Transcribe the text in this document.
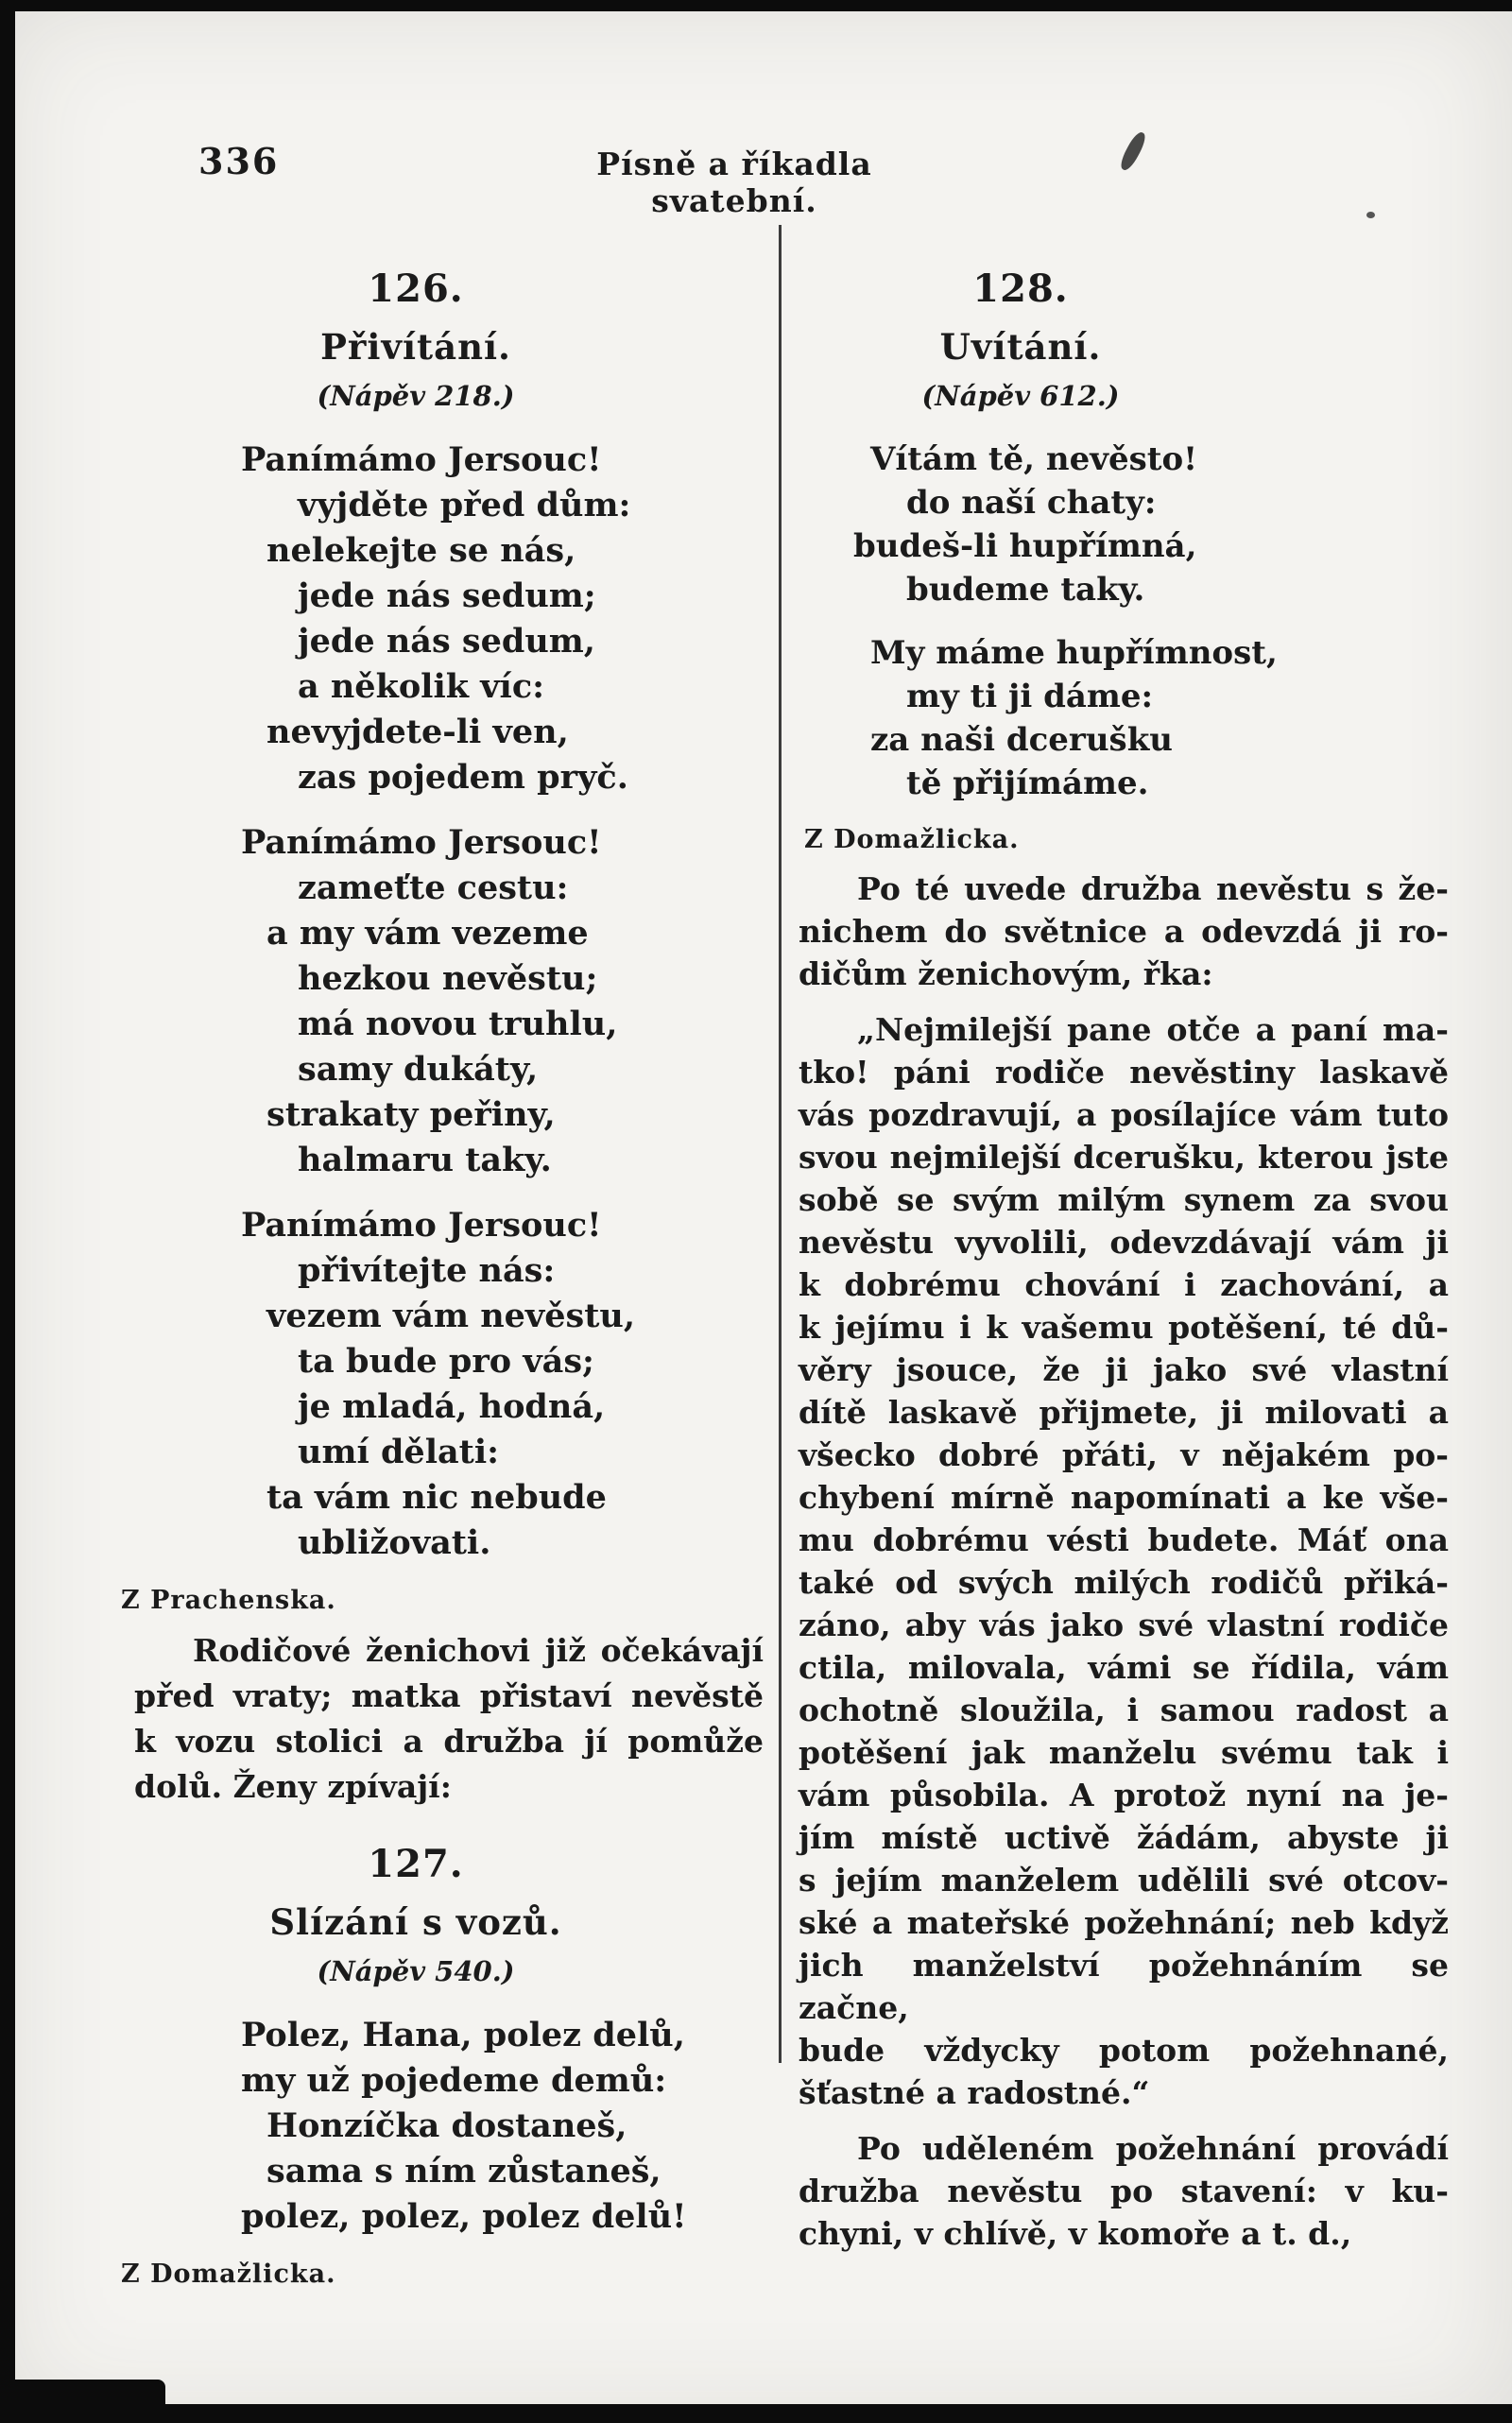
336	Písně a říkadla svatební.
126.
Přivítání.
(Nápěv 218.)
Panímámo Jersouc!
vyjděte před dům:
nelekejte se nás,
jede nás sedum;
jede nás sedum,
a několik víc:
nevyjdete-li ven,
zas pojedem pryč.
Panímámo Jersouc!
zameťte cestu:
a my vám vezeme
hezkou nevěstu;
má novou truhlu,
samy dukáty,
strakaty peřiny,
halmaru taky.
Panímámo Jersouc!
přivítejte nás:
vezem vám nevěstu,
ta bude pro vás;
je mladá, hodná,
umí dělati:
ta vám nic nebude
ubližovati.
Z Prachenska.
Rodičové ženichovi již očekávají
před vraty; matka přistaví nevěstě
k vozu stolici a družba jí pomůže
dolů. Ženy zpívají:
127.
Slízání s vozů.
(Nápěv 540.)
Polez, Hana, polez delů,
my už pojedeme demů:
Honzíčka dostaneš,
sama s ním zůstaneš,
polez, polez, polez delů!
Z Domažlicka.
128.
Uvítání.
(Nápěv 612.)
Vítám tě, nevěsto!
do naší chaty:
budeš-li hupřímná,
budeme taky.
My máme hupřímnost,
my ti ji dáme:
za naši dcerušku
tě přijímáme.
Z Domažlicka.
Po té uvede družba nevěstu s že-
nichem do světnice a odevzdá ji ro-
dičům ženichovým, řka:
„Nejmilejší pane otče a paní ma-
tko! páni rodiče nevěstiny laskavě
vás pozdravují, a posílajíce vám tuto
svou nejmilejší dcerušku, kterou jste
sobě se svým milým synem za svou
nevěstu vyvolili, odevzdávají vám ji
k dobrému chování i zachování, a
k jejímu i k vašemu potěšení, té dů-
věry jsouce, že ji jako své vlastní
dítě laskavě přijmete, ji milovati a
všecko dobré přáti, v nějakém po-
chybení mírně napomínati a ke vše-
mu dobrému vésti budete. Máť ona
také od svých milých rodičů přiká-
záno, aby vás jako své vlastní rodiče
ctila, milovala, vámi se řídila, vám
ochotně sloužila, i samou radost a
potěšení jak manželu svému tak i
vám působila. A protož nyní na je-
jím místě uctivě žádám, abyste ji
s jejím manželem udělili své otcov-
ské a mateřské požehnání; neb když
jich manželství požehnáním se začne,
bude vždycky potom požehnané,
šťastné a radostné.“
Po uděleném požehnání provádí
družba nevěstu po stavení: v ku-
chyni, v chlívě, v komoře a t. d.,
